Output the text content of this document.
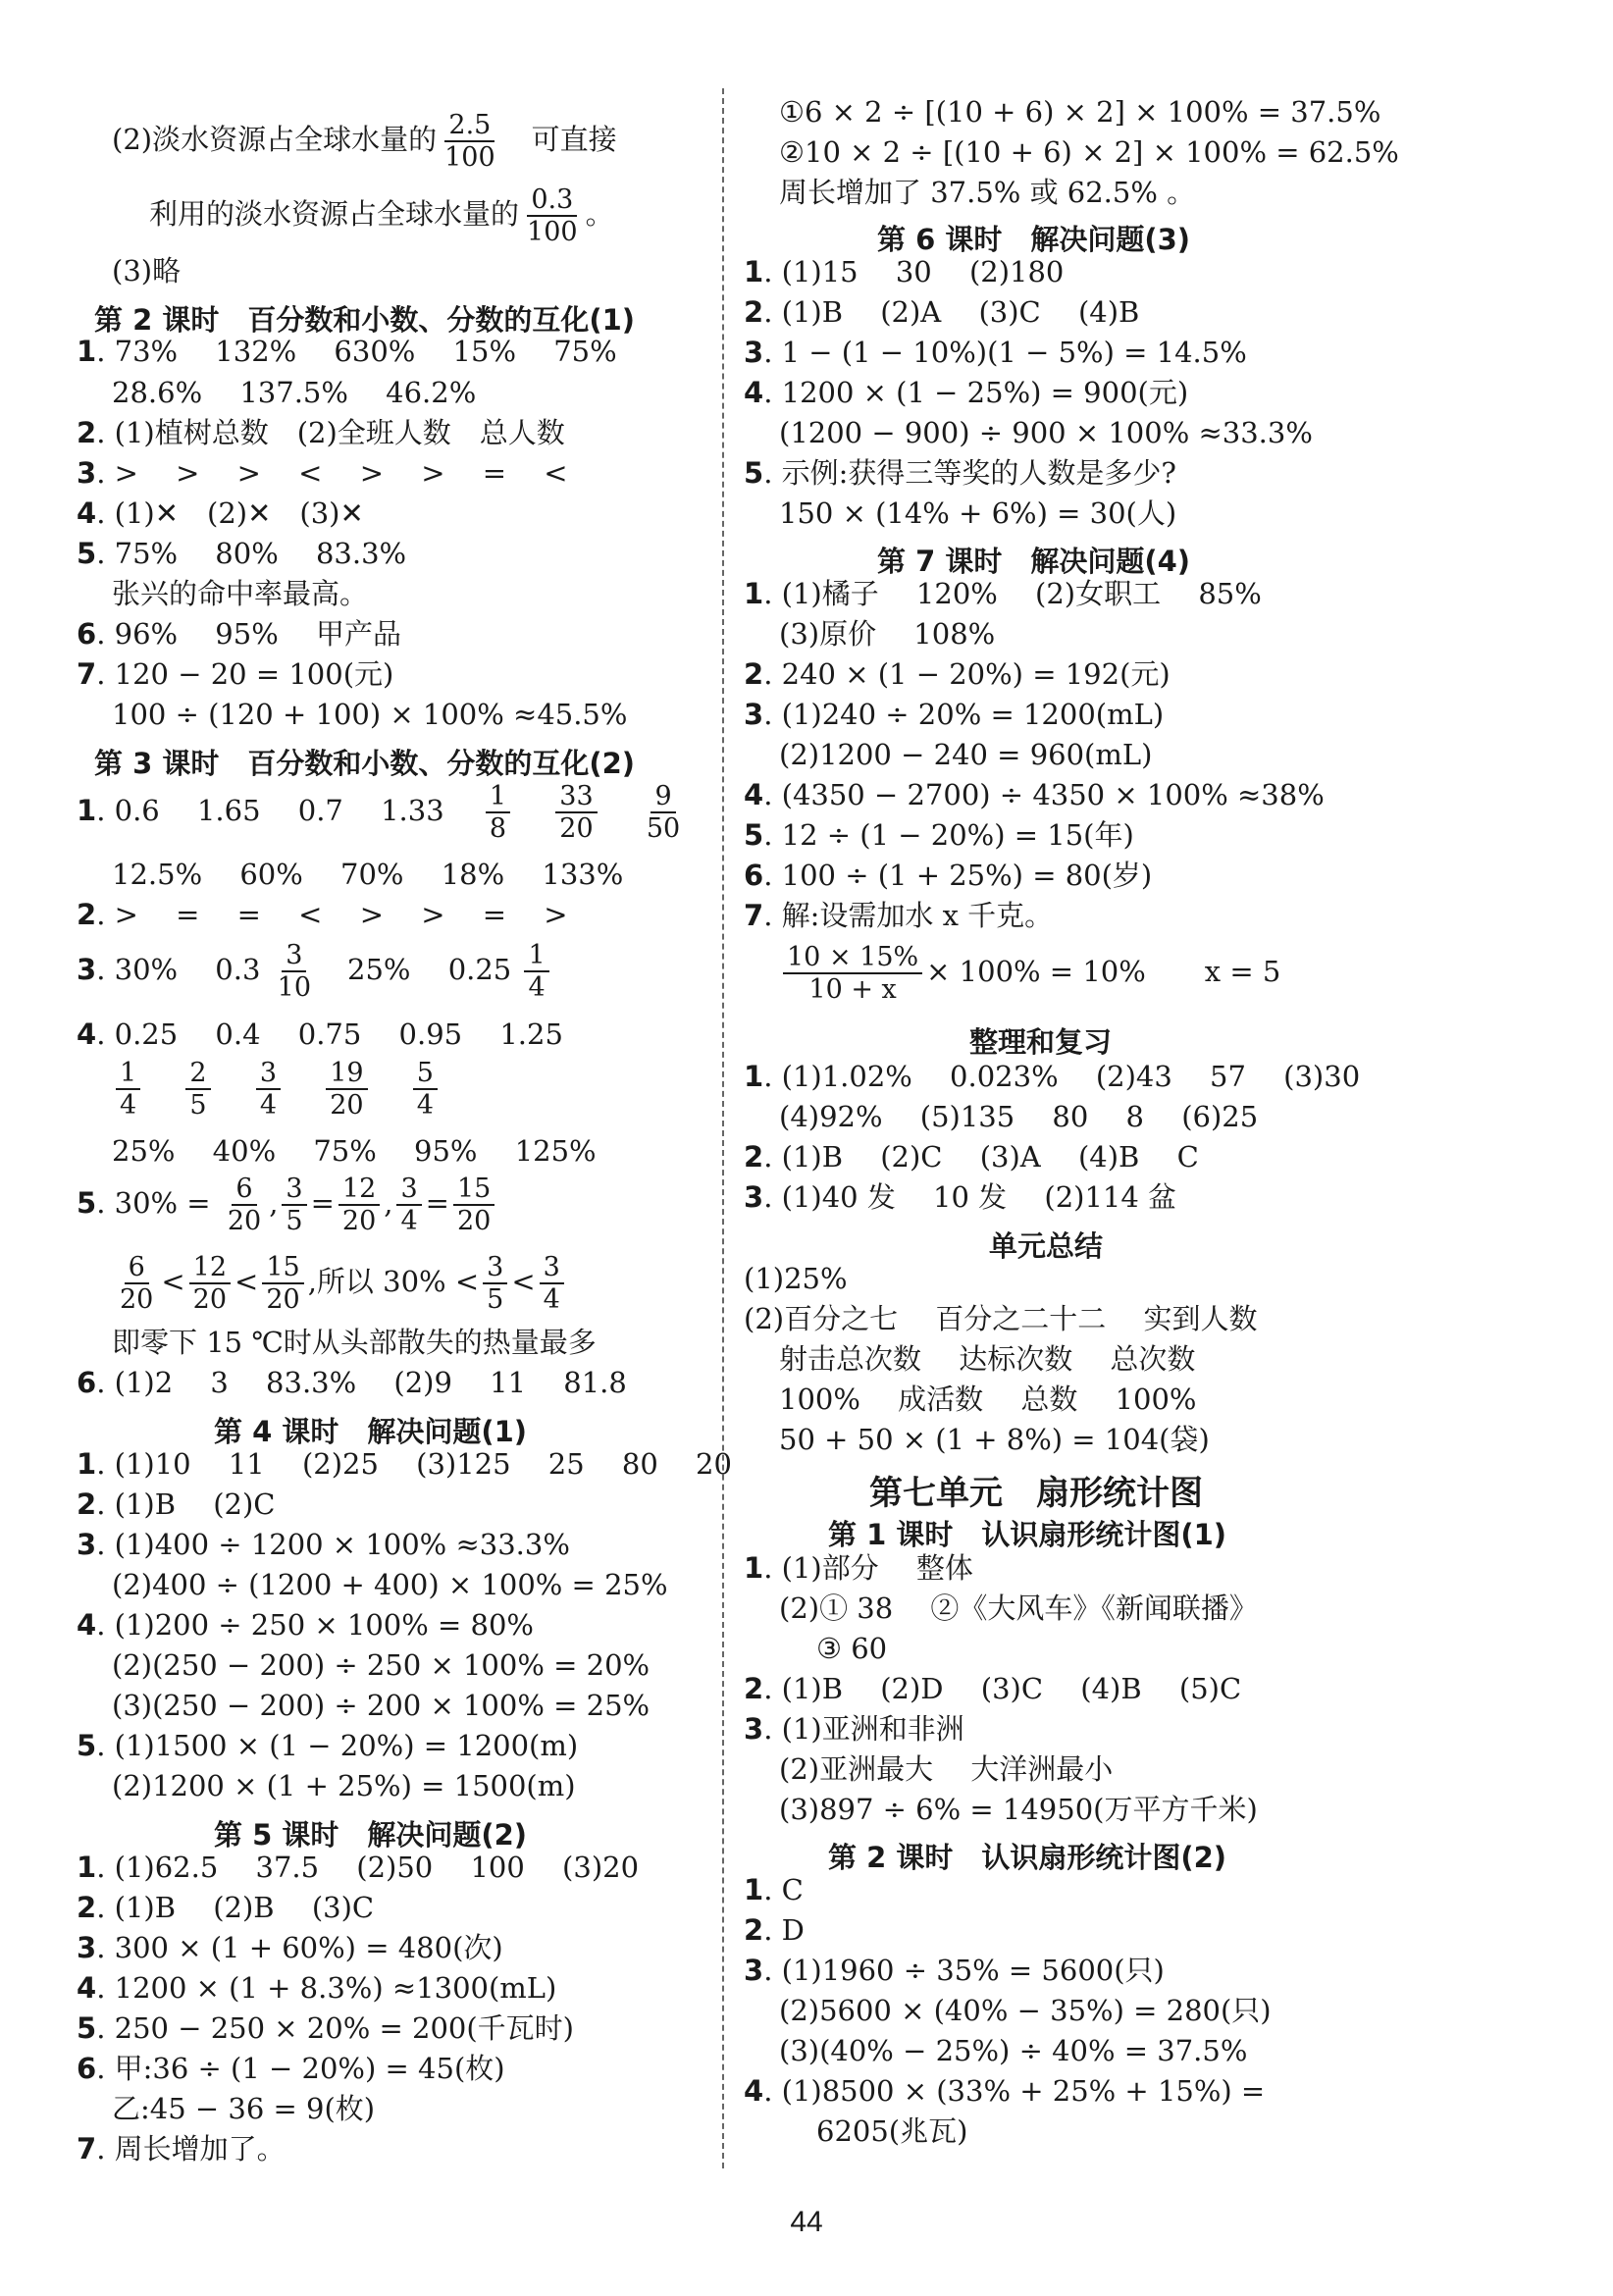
(2)淡水资源占全球水量的 $\frac{2.5}{100}$
　 可直接
利用的淡水资源占全球水量的 $\frac{0.3}{100}$ 。
(3)略
第 2 课时　百分数和小数、分数的互化(1)
1. 73%　 132%　 630%　 15%　 75%
28.6%　 137.5%　 46.2%
2. (1)植树总数　(2)全班人数　总人数
3. >　 >　 >　 <　 >　 >　 =　 <
4. (1)✕　(2)✕　(3)✕
5. 75%　 80%　 83.3%
张兴的命中率最高。
6. 96%　 95%　 甲产品
7. 120 − 20 = 100(元)
100 ÷ (120 + 100) × 100% ≈45.5%
第 3 课时　百分数和小数、分数的互化(2)
1. 0.6　 1.65　 0.7　 1.33　 $\frac{1}{8}$
　 $\frac{33}{20}$
　 $\frac{9}{50}$
12.5%　 60%　 70%　 18%　 133%
2. >　 =　 =　 <　 >　 >　 =　 >
3. 30%　 $0.3 \frac{3}{10}$
　 25%　 $0.25 \frac{1}{4}$
4. 0.25　 0.4　 0.75　 0.95　 1.25
$\frac{1}{4}$
　 $\frac{2}{5}$
　 $\frac{3}{4}$
　 $\frac{19}{20}$
　 $\frac{5}{4}$
25%　 40%　 75%　 95%　 125%
5. $30\% = \frac{6}{20}$ , $\frac{3}{5} = \frac{12}{20}$ , $\frac{3}{4} = \frac{15}{20}$
$\frac{6}{20} < \frac{12}{20} < \frac{15}{20}$ ,所以 $30\% < \frac{3}{5} < \frac{3}{4}$
即零下 15 ℃时从头部散失的热量最多
6. (1)2　 3　 83.3%　 (2)9　 11　 81.8
第 4 课时　解决问题(1)
1. (1)10　 11　 (2)25　 (3)125　 25　 80　 20
2. (1)B　 (2)C
3. (1)400 ÷ 1200 × 100% ≈33.3%
(2)400 ÷ (1200 + 400) × 100% = 25%
4. (1)200 ÷ 250 × 100% = 80%
(2)(250 − 200) ÷ 250 × 100% = 20%
(3)(250 − 200) ÷ 200 × 100% = 25%
5. (1)1500 × (1 − 20%) = 1200(m)
(2)1200 × (1 + 25%) = 1500(m)
第 5 课时　解决问题(2)
1. (1)62.5　 37.5　 (2)50　 100　 (3)20
2. (1)B　 (2)B　 (3)C
3. 300 × (1 + 60%) = 480(次)
4. 1200 × (1 + 8.3%) ≈1300(mL)
5. 250 − 250 × 20% = 200(千瓦时)
6. 甲:36 ÷ (1 − 20%) = 45(枚)
乙:45 − 36 = 9(枚)
7. 周长增加了。
①6 × 2 ÷ [(10 + 6) × 2] × 100% = 37.5%
②10 × 2 ÷ [(10 + 6) × 2] × 100% = 62.5%
周长增加了 37.5% 或 62.5% 。
第 6 课时　解决问题(3)
1. (1)15　 30　 (2)180
2. (1)B　 (2)A　 (3)C　 (4)B
3. 1 − (1 − 10%)(1 − 5%) = 14.5%
4. 1200 × (1 − 25%) = 900(元)
(1200 − 900) ÷ 900 × 100% ≈33.3%
5. 示例:获得三等奖的人数是多少?
150 × (14% + 6%) = 30(人)
第 7 课时　解决问题(4)
1. (1)橘子　 120%　 (2)女职工　 85%
(3)原价　 108%
2. 240 × (1 − 20%) = 192(元)
3. (1)240 ÷ 20% = 1200(mL)
(2)1200 − 240 = 960(mL)
4. (4350 − 2700) ÷ 4350 × 100% ≈38%
5. 12 ÷ (1 − 20%) = 15(年)
6. 100 ÷ (1 + 25%) = 80(岁)
7. 解:设需加水 x 千克。
$\frac{10 \times 15\%}{10 + x} \times 100\% = 10\%$ x = 5
整理和复习
1. (1)1.02%　 0.023%　 (2)43　 57　 (3)30
(4)92%　 (5)135　 80　 8　 (6)25
2. (1)B　 (2)C　 (3)A　 (4)B　 C
3. (1)40 发　 10 发　 (2)114 盆
单元总结
(1)25%
(2)百分之七　 百分之二十二　 实到人数
射击总次数　 达标次数　 总次数
100%　 成活数　 总数　 100%
50 + 50 × (1 + 8%) = 104(袋)
第七单元　扇形统计图
第 1 课时　认识扇形统计图(1)
1. (1)部分　 整体
(2)① 38　 ②《大风车》《新闻联播》
③ 60
2. (1)B　 (2)D　 (3)C　 (4)B　 (5)C
3. (1)亚洲和非洲
(2)亚洲最大　 大洋洲最小
(3)897 ÷ 6% = 14950(万平方千米)
第 2 课时　认识扇形统计图(2)
1. C
2. D
3. (1)1960 ÷ 35% = 5600(只)
(2)5600 × (40% − 35%) = 280(只)
(3)(40% − 25%) ÷ 40% = 37.5%
4. (1)8500 × (33% + 25% + 15%) =
6205(兆瓦)
44
